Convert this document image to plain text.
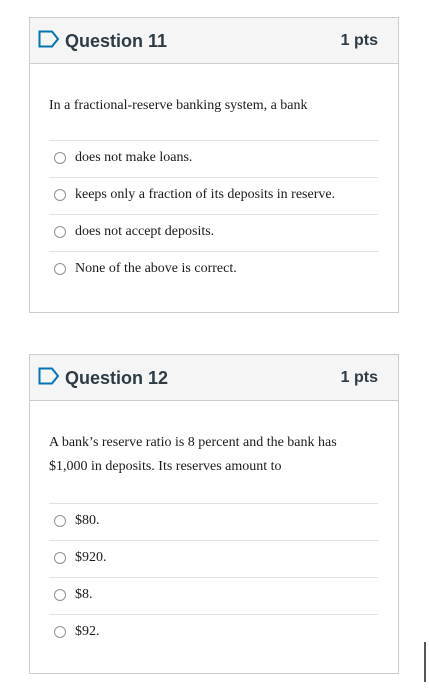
Question 11	1 pts
In a fractional-reserve banking system, a bank
does not make loans.
keeps only a fraction of its deposits in reserve.
does not accept deposits.
None of the above is correct.
Question 12	1 pts
A bank’s reserve ratio is 8 percent and the bank has
$1,000 in deposits. Its reserves amount to
$80.
$920.
$8.
$92.
